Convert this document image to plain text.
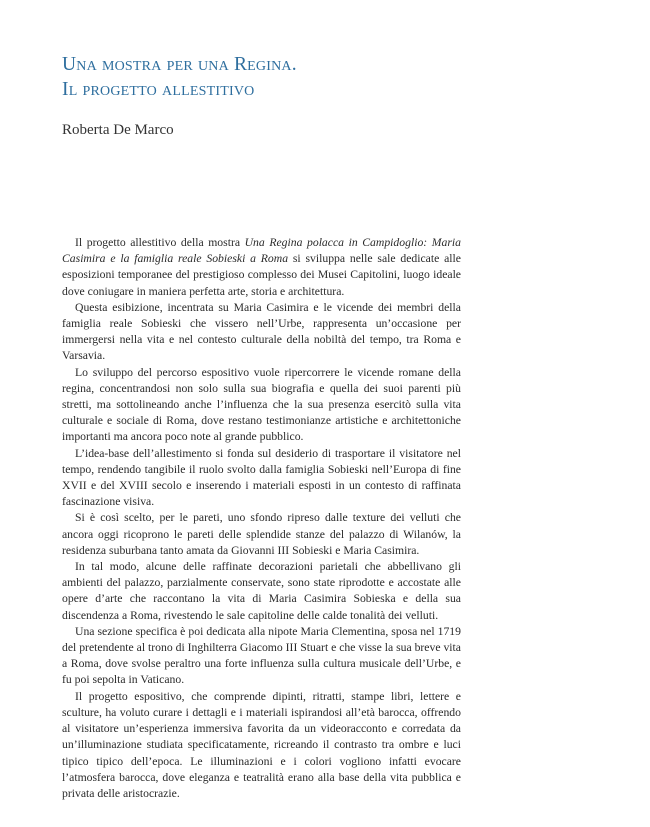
Una mostra per una Regina.
Il progetto allestitivo
Roberta De Marco

Il progetto allestitivo della mostra Una Regina polacca in Campidoglio: Maria Casimira e la famiglia reale Sobieski a Roma si sviluppa nelle sale dedicate alle esposizioni temporanee del prestigioso complesso dei Musei Capitolini, luogo ideale dove coniugare in maniera perfetta arte, storia e architettura.

Questa esibizione, incentrata su Maria Casimira e le vicende dei membri della famiglia reale Sobieski che vissero nell’Urbe, rappresenta un’occasione per immergersi nella vita e nel contesto culturale della nobiltà del tempo, tra Roma e Varsavia.

Lo sviluppo del percorso espositivo vuole ripercorrere le vicende romane della regina, concentrandosi non solo sulla sua biografia e quella dei suoi parenti più stretti, ma sottolineando anche l’influenza che la sua presenza esercitò sulla vita culturale e sociale di Roma, dove restano testimonianze artistiche e architettoniche importanti ma ancora poco note al grande pubblico.

L’idea-base dell’allestimento si fonda sul desiderio di trasportare il visitatore nel tempo, rendendo tangibile il ruolo svolto dalla famiglia Sobieski nell’Europa di fine XVII e del XVIII secolo e inserendo i materiali esposti in un contesto di raffinata fascinazione visiva.

Si è così scelto, per le pareti, uno sfondo ripreso dalle texture dei velluti che ancora oggi ricoprono le pareti delle splendide stanze del palazzo di Wilanów, la residenza suburbana tanto amata da Giovanni III Sobieski e Maria Casimira.

In tal modo, alcune delle raffinate decorazioni parietali che abbellivano gli ambienti del palazzo, parzialmente conservate, sono state riprodotte e accostate alle opere d’arte che raccontano la vita di Maria Casimira Sobieska e della sua discendenza a Roma, rivestendo le sale capitoline delle calde tonalità dei velluti.

Una sezione specifica è poi dedicata alla nipote Maria Clementina, sposa nel 1719 del pretendente al trono di Inghilterra Giacomo III Stuart e che visse la sua breve vita a Roma, dove svolse peraltro una forte influenza sulla cultura musicale dell’Urbe, e fu poi sepolta in Vaticano.

Il progetto espositivo, che comprende dipinti, ritratti, stampe libri, lettere e sculture, ha voluto curare i dettagli e i materiali ispirandosi all’età barocca, offrendo al visitatore un’esperienza immersiva favorita da un videoracconto e corredata da un’illuminazione studiata specificatamente, ricreando il contrasto tra ombre e luci tipico tipico dell’epoca. Le illuminazioni e i colori vogliono infatti evocare l’atmosfera barocca, dove eleganza e teatralità erano alla base della vita pubblica e privata delle aristocrazie.
